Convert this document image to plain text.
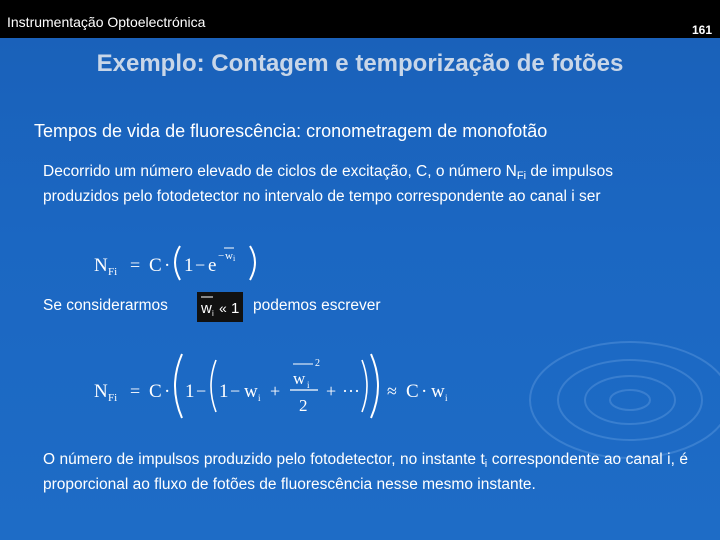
Instrumentação Optoelectrónica	161
Exemplo: Contagem e temporização de fotões
Tempos de vida de fluorescência: cronometragem de monofotão
Decorrido um número elevado de ciclos de excitação, C, o número $N_{Fi}$ de impulsos produzidos pelo fotodetector no intervalo de tempo correspondente ao canal i ser
N Fi = C · 1 − e − w i
Se considerarmos w i « 1 podemos escrever
N Fi = C · 1 − 1 − w i +
w i
2
2
+ ··· ≈ C · w i
O número de impulsos produzido pelo fotodetector, no instante $t_i$ correspondente ao canal i, é proporcional ao fluxo de fotões de fluorescência nesse mesmo instante.
